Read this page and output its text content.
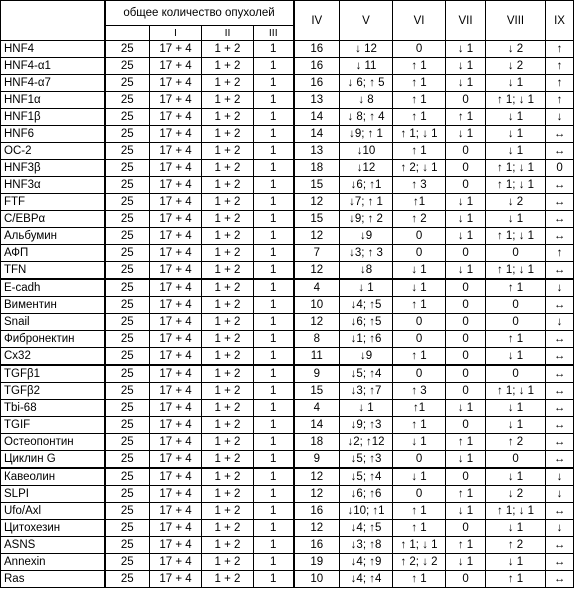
	общее количество опухолей				IV	V	VI	VII	VIII	IX
		I	II	III						
HNF4	25	17 + 4	1 + 2	1	16	↓ 12	0	↓ 1	↓ 2	↑
HNF4-α1	25	17 + 4	1 + 2	1	16	↓ 11	↑ 1	↓ 1	↓ 2	↑
HNF4-α7	25	17 + 4	1 + 2	1	16	↓ 6; ↑ 5	↑ 1	↓ 1	↓ 1	↑
HNF1α	25	17 + 4	1 + 2	1	13	↓ 8	↑ 1	0	↑ 1; ↓ 1	↑
HNF1β	25	17 + 4	1 + 2	1	14	↓ 8; ↑ 4	↑ 1	↑ 1	↓ 1	↓
HNF6	25	17 + 4	1 + 2	1	14	↓9; ↑ 1	↑ 1; ↓ 1	↓ 1	↓ 1	↔
OC-2	25	17 + 4	1 + 2	1	13	↓10	↑ 1	0	↓ 1	↔
HNF3β	25	17 + 4	1 + 2	1	18	↓12	↑ 2; ↓ 1	0	↑ 1; ↓ 1	0
HNF3α	25	17 + 4	1 + 2	1	15	↓6; ↑1	↑ 3	0	↑ 1; ↓ 1	↔
FTF	25	17 + 4	1 + 2	1	12	↓7; ↑ 1	↑1	↓ 1	↓ 2	↔
C/EBPα	25	17 + 4	1 + 2	1	15	↓9; ↑ 2	↑ 2	↓ 1	↓ 1	↔
Альбумин	25	17 + 4	1 + 2	1	12	↓9	0	↓ 1	↑ 1; ↓ 1	↔
АФП	25	17 + 4	1 + 2	1	7	↓3; ↑ 3	0	0	0	↑
TFN	25	17 + 4	1 + 2	1	12	↓8	↓ 1	↓ 1	↑ 1; ↓ 1	↔
E-cadh	25	17 + 4	1 + 2	1	4	↓ 1	↓ 1	0	↑ 1	↓
Виментин	25	17 + 4	1 + 2	1	10	↓4; ↑5	↑ 1	0	0	↔
Snail	25	17 + 4	1 + 2	1	12	↓6; ↑5	0	0	0	↓
Фибронектин	25	17 + 4	1 + 2	1	8	↓1; ↑6	0	0	↑ 1	↔
Cx32	25	17 + 4	1 + 2	1	11	↓9	↑ 1	0	↓ 1	↔
TGFβ1	25	17 + 4	1 + 2	1	9	↓5; ↑4	0	0	0	↔
TGFβ2	25	17 + 4	1 + 2	1	15	↓3; ↑7	↑ 3	0	↑ 1; ↓ 1	↔
Tbi-68	25	17 + 4	1 + 2	1	4	↓ 1	↑1	↓ 1	↓ 1	↔
TGIF	25	17 + 4	1 + 2	1	14	↓9; ↑3	↑ 1	0	↓ 1	↔
Остеопонтин	25	17 + 4	1 + 2	1	18	↓2; ↑12	↓ 1	↑ 1	↑ 2	↔
Циклин G	25	17 + 4	1 + 2	1	9	↓5; ↑3	0	↓ 1	0	↔
Кавеолин	25	17 + 4	1 + 2	1	12	↓5; ↑4	↓ 1	0	↓ 1	↓
SLPI	25	17 + 4	1 + 2	1	12	↓6; ↑6	0	↑ 1	↓ 2	↓
Ufo/Axl	25	17 + 4	1 + 2	1	16	↓10; ↑1	↑ 1	↓ 1	↑ 1; ↓ 1	↔
Цитохезин	25	17 + 4	1 + 2	1	12	↓4; ↑5	↑ 1	0	↓ 1	↓
ASNS	25	17 + 4	1 + 2	1	16	↓3; ↑8	↑ 1; ↓ 1	↑ 1	↑ 2	↔
Annexin	25	17 + 4	1 + 2	1	19	↓4; ↑9	↑ 2; ↓ 2	↓ 1	↓ 1	↔
Ras	25	17 + 4	1 + 2	1	10	↓4; ↑4	↑ 1	0	↑ 1	↔
